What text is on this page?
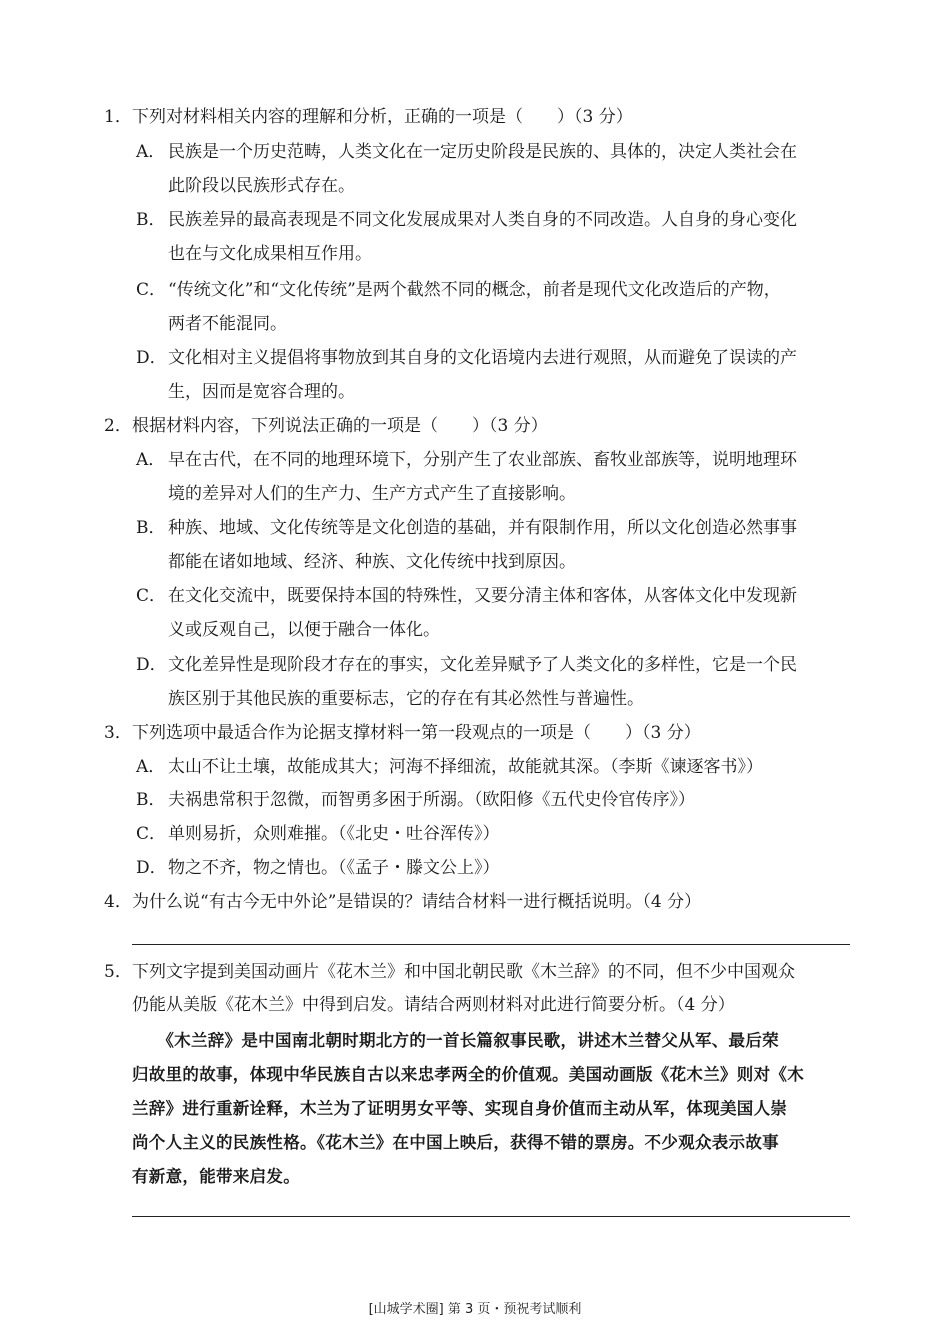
1．下列对材料相关内容的理解和分析，正确的一项是（　　）（3 分）
A． 民族是一个历史范畴，人类文化在一定历史阶段是民族的、具体的，决定人类社会在
此阶段以民族形式存在。
B． 民族差异的最高表现是不同文化发展成果对人类自身的不同改造。人自身的身心变化
也在与文化成果相互作用。
C． “传统文化”和“文化传统”是两个截然不同的概念，前者是现代文化改造后的产物，
两者不能混同。
D． 文化相对主义提倡将事物放到其自身的文化语境内去进行观照，从而避免了误读的产
生，因而是宽容合理的。
2．根据材料内容，下列说法正确的一项是（　　）（3 分）
A． 早在古代，在不同的地理环境下，分别产生了农业部族、畜牧业部族等，说明地理环
境的差异对人们的生产力、生产方式产生了直接影响。
B． 种族、地域、文化传统等是文化创造的基础，并有限制作用，所以文化创造必然事事
都能在诸如地域、经济、种族、文化传统中找到原因。
C． 在文化交流中，既要保持本国的特殊性，又要分清主体和客体，从客体文化中发现新
义或反观自己，以便于融合一体化。
D． 文化差异性是现阶段才存在的事实，文化差异赋予了人类文化的多样性，它是一个民
族区别于其他民族的重要标志，它的存在有其必然性与普遍性。
3．下列选项中最适合作为论据支撑材料一第一段观点的一项是（　　）（3 分）
A． 太山不让土壤，故能成其大；河海不择细流，故能就其深。（李斯《谏逐客书》）
B． 夫祸患常积于忽微，而智勇多困于所溺。（欧阳修《五代史伶官传序》）
C． 单则易折，众则难摧。（《北史・吐谷浑传》）
D． 物之不齐，物之情也。（《孟子・滕文公上》）
4．为什么说“有古今无中外论”是错误的？请结合材料一进行概括说明。（4 分）
5．下列文字提到美国动画片《花木兰》和中国北朝民歌《木兰辞》的不同，但不少中国观众
仍能从美版《花木兰》中得到启发。请结合两则材料对此进行简要分析。（4 分）
　　《木兰辞》是中国南北朝时期北方的一首长篇叙事民歌，讲述木兰替父从军、最后荣
归故里的故事，体现中华民族自古以来忠孝两全的价值观。美国动画版《花木兰》则对《木
兰辞》进行重新诠释，木兰为了证明男女平等、实现自身价值而主动从军，体现美国人崇
尚个人主义的民族性格。《花木兰》在中国上映后，获得不错的票房。不少观众表示故事
有新意，能带来启发。
[山城学术圈] 第 3 页・预祝考试顺利
